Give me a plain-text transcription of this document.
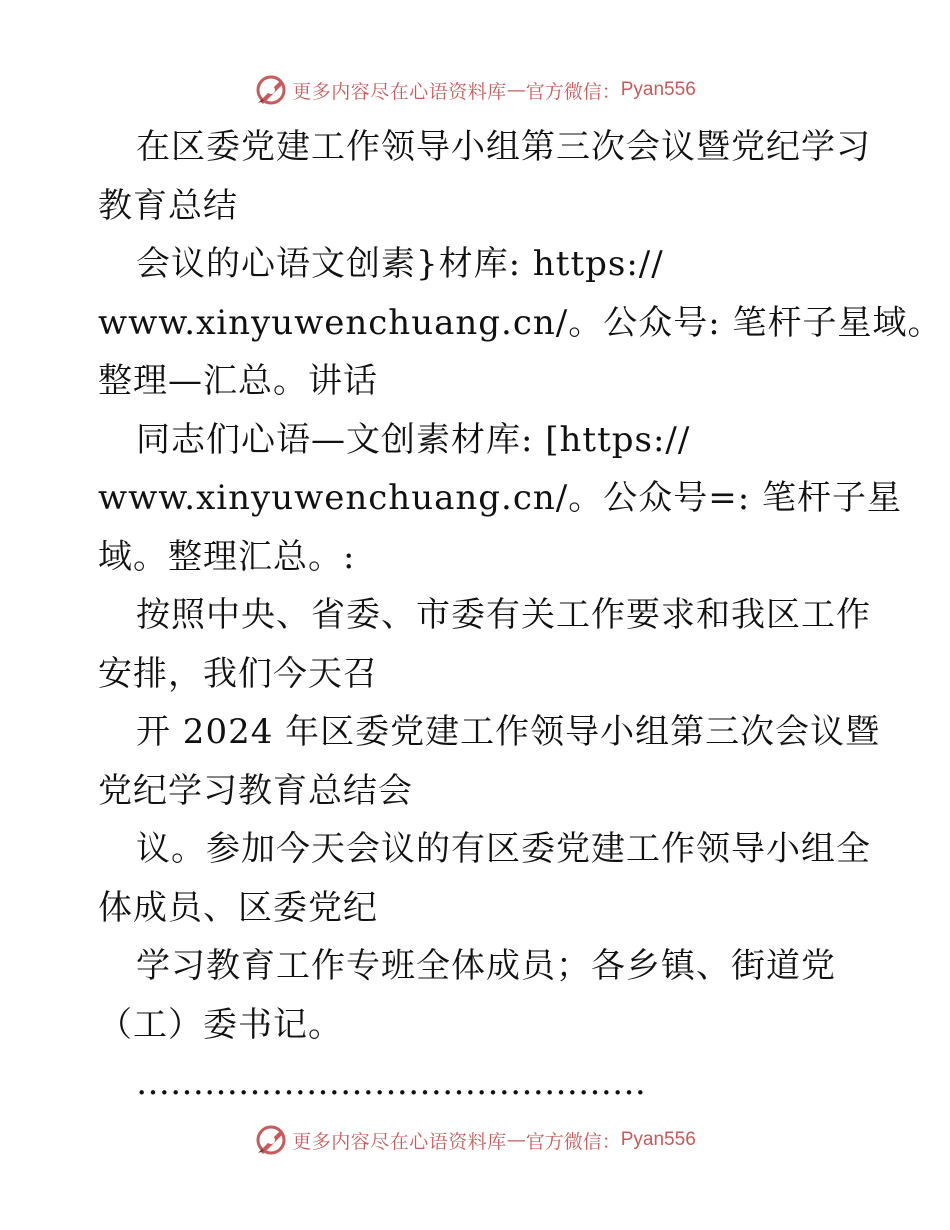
更多内容尽在心语资料库 — 官方微信： Pyan556
在区委党建工作领导小组第三次会议暨党纪学习
教育总结
会议的心语文创素}材库: https://
www.xinyuwenchuang.cn/。公众号: 笔杆子星域。
整理—汇总。讲话
同志们心语—文创素材库: [https://
www.xinyuwenchuang.cn/。公众号=: 笔杆子星
域。整理汇总。:
按照中央、省委、市委有关工作要求和我区工作
安排，我们今天召
开 2024 年区委党建工作领导小组第三次会议暨
党纪学习教育总结会
议。参加今天会议的有区委党建工作领导小组全
体成员、区委党纪
学习教育工作专班全体成员；各乡镇、街道党
（工）委书记。
………………………………………
更多内容尽在心语资料库 — 官方微信： Pyan556
